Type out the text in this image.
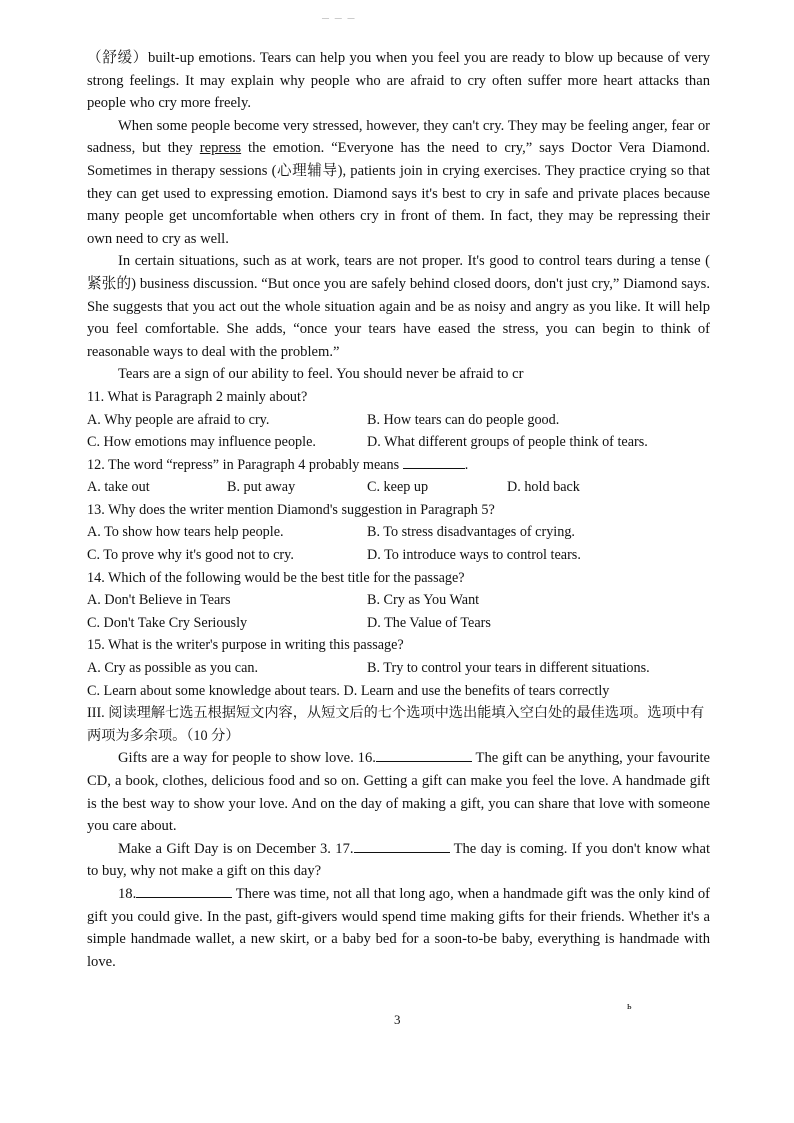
— — —

（舒缓）built-up emotions. Tears can help you when you feel you are ready to blow up because of very strong feelings. It may explain why people who are afraid to cry often suffer more heart attacks than people who cry more freely.

When some people become very stressed, however, they can't cry. They may be feeling anger, fear or sadness, but they repress the emotion. “Everyone has the need to cry,” says Doctor Vera Diamond. Sometimes in therapy sessions (心理辅导), patients join in crying exercises. They practice crying so that they can get used to expressing emotion. Diamond says it's best to cry in safe and private places because many people get uncomfortable when others cry in front of them. In fact, they may be repressing their own need to cry as well.

In certain situations, such as at work, tears are not proper. It's good to control tears during a tense ( 紧张的) business discussion. “But once you are safely behind closed doors, don't just cry,” Diamond says. She suggests that you act out the whole situation again and be as noisy and angry as you like. It will help you feel comfortable. She adds, “once your tears have eased the stress, you can begin to think of reasonable ways to deal with the problem.”

Tears are a sign of our ability to feel. You should never be afraid to cr

11. What is Paragraph 2 mainly about?

A. Why people are afraid to cry.	B. How tears can do people good.
C. How emotions may influence people.	D. What different groups of people think of tears.

12. The word “repress” in Paragraph 4 probably means	.

A. take out	B. put away	C. keep up	D. hold back

13. Why does the writer mention Diamond's suggestion in Paragraph 5?

A. To show how tears help people.	B. To stress disadvantages of crying.
C. To prove why it's good not to cry.	D. To introduce ways to control tears.

14. Which of the following would be the best title for the passage?

A. Don't Believe in Tears	B. Cry as You Want
C. Don't Take Cry Seriously	D. The Value of Tears

15. What is the writer's purpose in writing this passage?

A. Cry as possible as you can.	B. Try to control your tears in different situations.
C. Learn about some knowledge about tears. D. Learn and use the benefits of tears correctly

III. 阅读理解七选五根据短文内容，从短文后的七个选项中选出能填入空白处的最佳选项。选项中有两项为多余项。（10 分）

Gifts are a way for people to show love. 16.	The gift can be anything, your favourite CD, a book, clothes, delicious food and so on. Getting a gift can make you feel the love. A handmade gift is the best way to show your love. And on the day of making a gift, you can share that love with someone you care about.

Make a Gift Day is on December 3. 17.	The day is coming. If you don't know what to buy, why not make a gift on this day?

18.	There was time, not all that long ago, when a handmade gift was the only kind of gift you could give. In the past, gift-givers would spend time making gifts for their friends. Whether it's a simple handmade wallet, a new skirt, or a baby bed for a soon-to-be baby, everything is handmade with love.

ь
3
